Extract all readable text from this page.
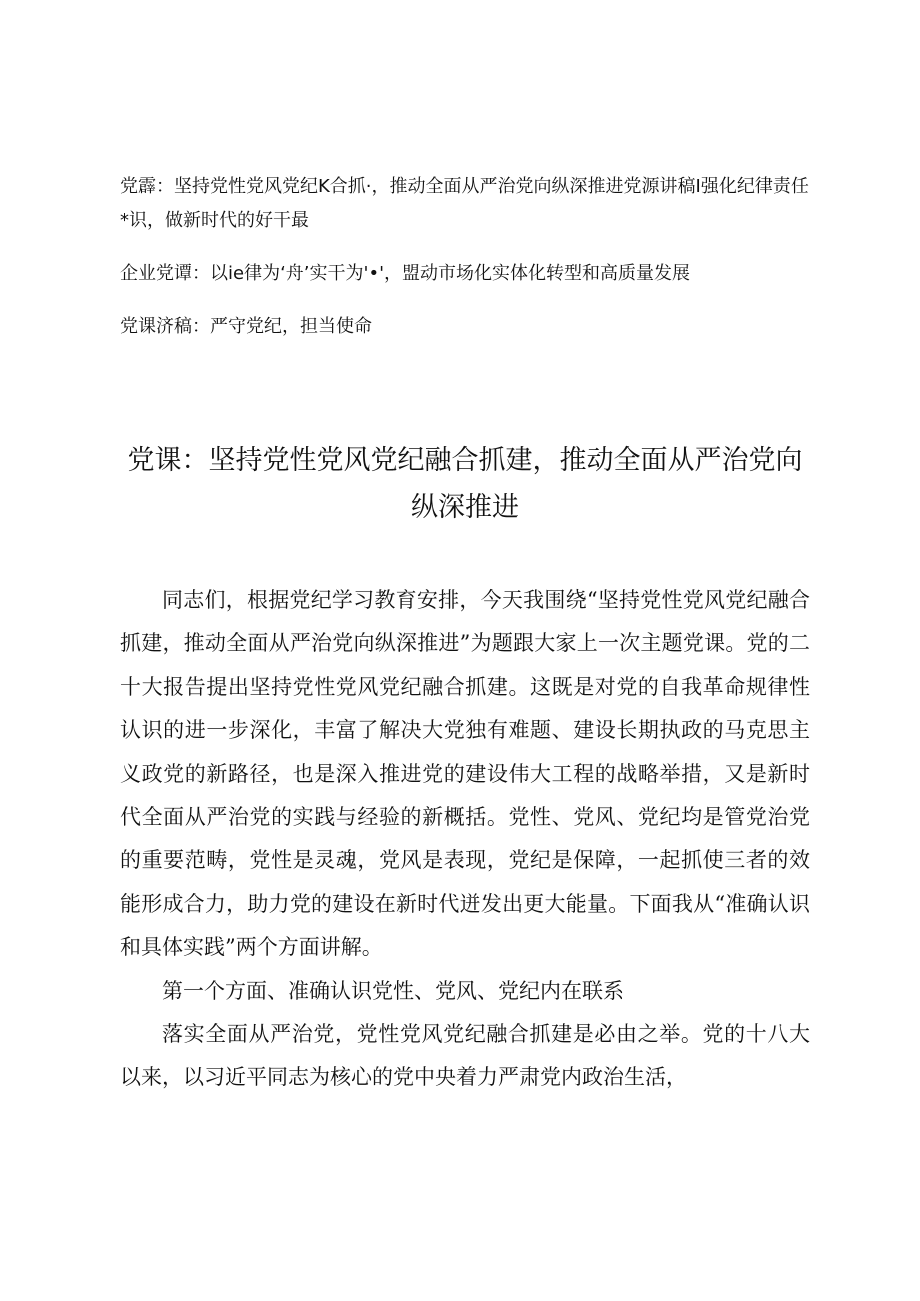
党霹：坚持党性党风党纪K合抓·，推动全面从严治党向纵深推进党源讲稿I强化纪律责任*识，做新时代的好干最
企业党谭：以ie律为‘舟’实干为'•'，盟动市场化实体化转型和高质量发展
党课济稿：严守党纪，担当使命
党课：坚持党性党风党纪融合抓建，推动全面从严治党向纵深推进

同志们，根据党纪学习教育安排，今天我围绕“坚持党性党风党纪融合抓建，推动全面从严治党向纵深推进”为题跟大家上一次主题党课。党的二十大报告提出坚持党性党风党纪融合抓建。这既是对党的自我革命规律性认识的进一步深化，丰富了解决大党独有难题、建设长期执政的马克思主义政党的新路径，也是深入推进党的建设伟大工程的战略举措，又是新时代全面从严治党的实践与经验的新概括。党性、党风、党纪均是管党治党的重要范畴，党性是灵魂，党风是表现，党纪是保障，一起抓使三者的效能形成合力，助力党的建设在新时代迸发出更大能量。下面我从“准确认识和具体实践”两个方面讲解。

第一个方面、准确认识党性、党风、党纪内在联系

落实全面从严治党，党性党风党纪融合抓建是必由之举。党的十八大以来，以习近平同志为核心的党中央着力严肃党内政治生活，
